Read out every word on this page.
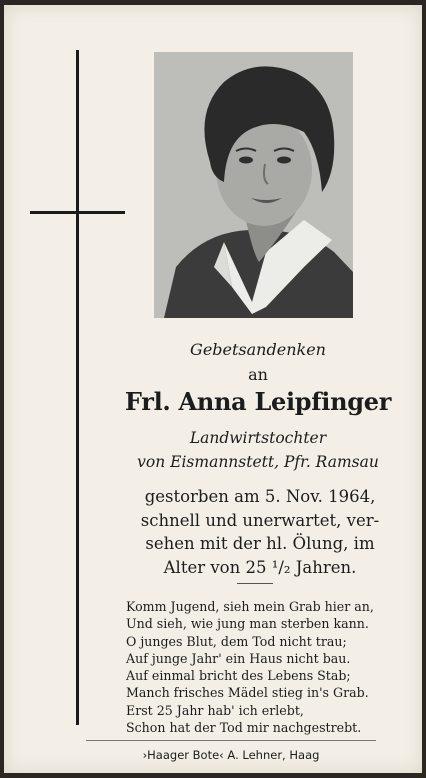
Gebetsandenken
an
Frl. Anna Leipfinger
Landwirtstochter
von Eismannstett, Pfr. Ramsau
gestorben am 5. Nov. 1964,
schnell und unerwartet, ver-
sehen mit der hl. Ölung, im
Alter von 25 ¹/₂ Jahren.
Komm Jugend, sieh mein Grab hier an,
Und sieh, wie jung man sterben kann.
O junges Blut, dem Tod nicht trau;
Auf junge Jahr' ein Haus nicht bau.
Auf einmal bricht des Lebens Stab;
Manch frisches Mädel stieg in's Grab.
Erst 25 Jahr hab' ich erlebt,
Schon hat der Tod mir nachgestrebt.
›Haager Bote‹ A. Lehner, Haag
